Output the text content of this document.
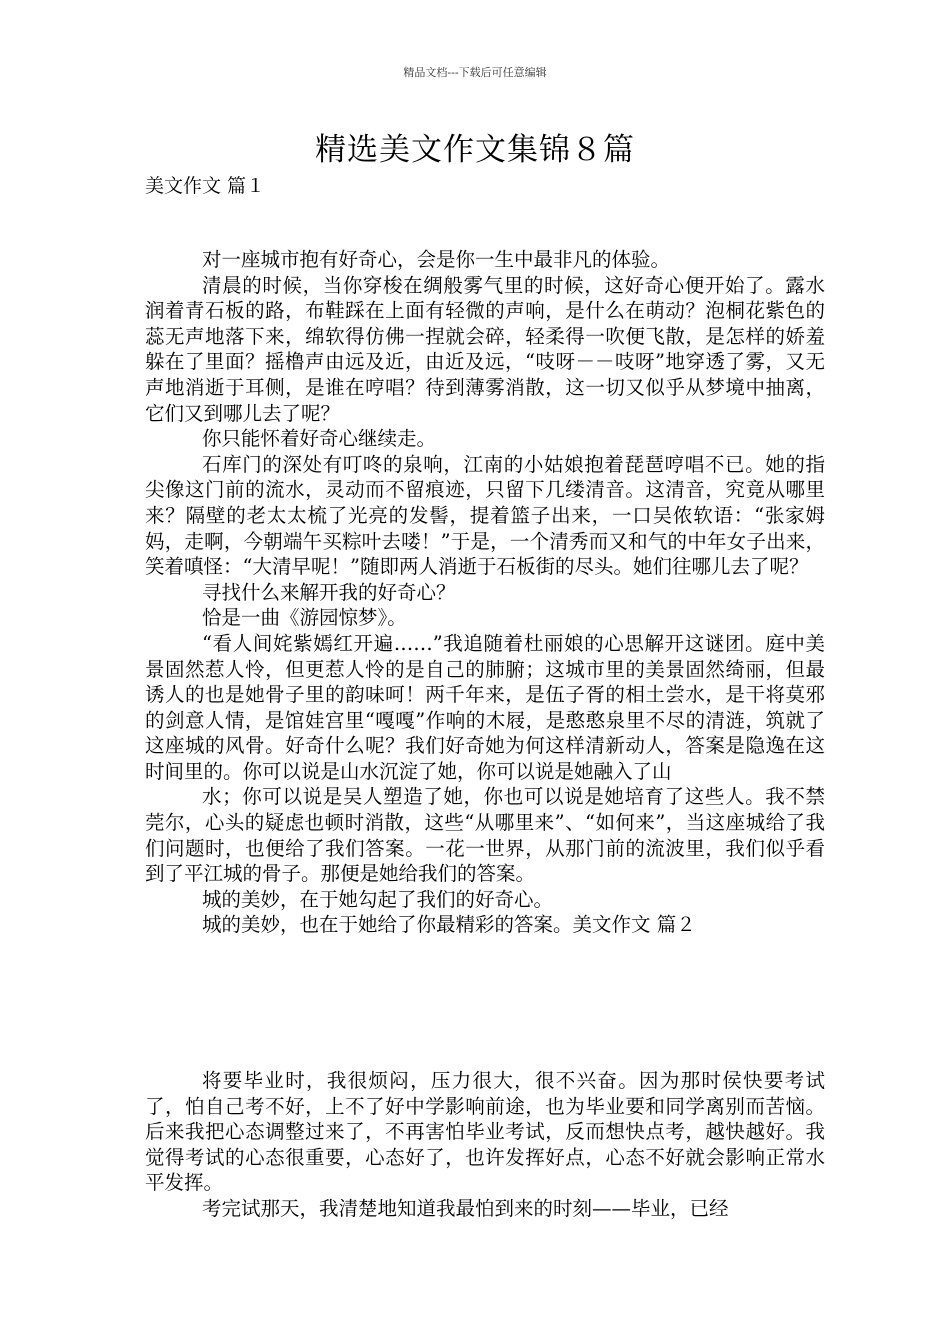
精品文档---下载后可任意编辑
精选美文作文集锦８篇
美文作文 篇１

对一座城市抱有好奇心，会是你一生中最非凡的体验。

清晨的时候，当你穿梭在绸般雾气里的时候，这好奇心便开始了。露水润着青石板的路，布鞋踩在上面有轻微的声响，是什么在萌动？泡桐花紫色的蕊无声地落下来，绵软得仿佛一捏就会碎，轻柔得一吹便飞散，是怎样的娇羞躲在了里面？摇橹声由远及近，由近及远，“吱呀－－吱呀”地穿透了雾，又无声地消逝于耳侧，是谁在哼唱？待到薄雾消散，这一切又似乎从梦境中抽离，它们又到哪儿去了呢？

你只能怀着好奇心继续走。

石库门的深处有叮咚的泉响，江南的小姑娘抱着琵琶哼唱不已。她的指尖像这门前的流水，灵动而不留痕迹，只留下几缕清音。这清音，究竟从哪里来？隔壁的老太太梳了光亮的发髻，提着篮子出来，一口吴侬软语：“张家姆妈，走啊，今朝端午买粽叶去喽！”于是，一个清秀而又和气的中年女子出来，笑着嗔怪：“大清早呢！”随即两人消逝于石板街的尽头。她们往哪儿去了呢？

寻找什么来解开我的好奇心？

恰是一曲《游园惊梦》。

“看人间姹紫嫣红开遍……”我追随着杜丽娘的心思解开这谜团。庭中美景固然惹人怜，但更惹人怜的是自己的肺腑；这城市里的美景固然绮丽，但最诱人的也是她骨子里的韵味呵！两千年来，是伍子胥的相土尝水，是干将莫邪的剑意人情，是馆娃宫里“嘎嘎”作响的木屐，是憨憨泉里不尽的清涟，筑就了这座城的风骨。好奇什么呢？我们好奇她为何这样清新动人，答案是隐逸在这时间里的。你可以说是山水沉淀了她，你可以说是她融入了山

水；你可以说是吴人塑造了她，你也可以说是她培育了这些人。我不禁莞尔，心头的疑虑也顿时消散，这些“从哪里来”、“如何来”，当这座城给了我们问题时，也便给了我们答案。一花一世界，从那门前的流波里，我们似乎看到了平江城的骨子。那便是她给我们的答案。

城的美妙，在于她勾起了我们的好奇心。

城的美妙，也在于她给了你最精彩的答案。美文作文 篇２

将要毕业时，我很烦闷，压力很大，很不兴奋。因为那时侯快要考试了，怕自己考不好，上不了好中学影响前途，也为毕业要和同学离别而苦恼。后来我把心态调整过来了，不再害怕毕业考试，反而想快点考，越快越好。我觉得考试的心态很重要，心态好了，也许发挥好点，心态不好就会影响正常水平发挥。

考完试那天，我清楚地知道我最怕到来的时刻——毕业，已经
